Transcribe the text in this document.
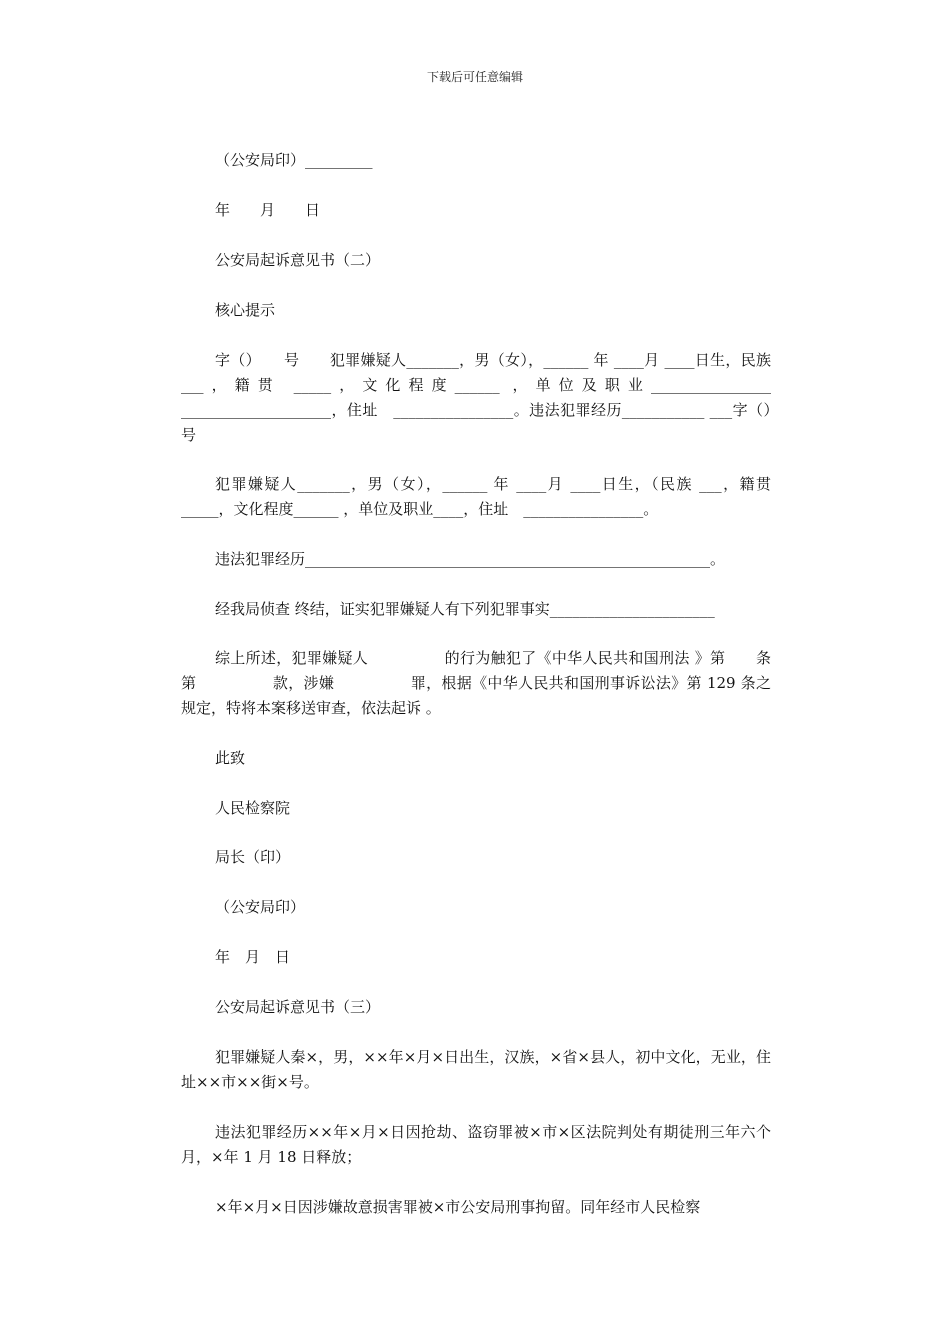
下载后可任意编辑
（公安局印）_________
年　　月　　日
公安局起诉意见书（二）
核心提示
字（）　　号　　犯罪嫌疑人_______，男（女），______ 年 ____月 ____日生，民族 ___，籍贯 _____，文化程度______ ，单位及职业________________ ____________________，住址　________________。违法犯罪经历___________ ___字（）　　号
犯罪嫌疑人_______，男（女），______ 年 ____月 ____日生，（民族 ___，籍贯 _____，文化程度______ ，单位及职业____，住址　________________。
违法犯罪经历______________________________________________________。
经我局侦查 终结，证实犯罪嫌疑人有下列犯罪事实______________________
综上所述，犯罪嫌疑人　　　　　的行为触犯了《中华人民共和国刑法 》第　　条第　　　　　款，涉嫌　　　　　罪，根据《中华人民共和国刑事诉讼法》第 129 条之规定，特将本案移送审查，依法起诉 。
此致
人民检察院
局长（印）
（公安局印）
年　月　日
公安局起诉意见书（三）
犯罪嫌疑人秦×，男，××年×月×日出生，汉族，×省×县人，初中文化，无业，住址××市××街×号。
违法犯罪经历××年×月×日因抢劫、盗窃罪被×市×区法院判处有期徒刑三年六个月，×年 1 月 18 日释放；
×年×月×日因涉嫌故意损害罪被×市公安局刑事拘留。同年经市人民检察
